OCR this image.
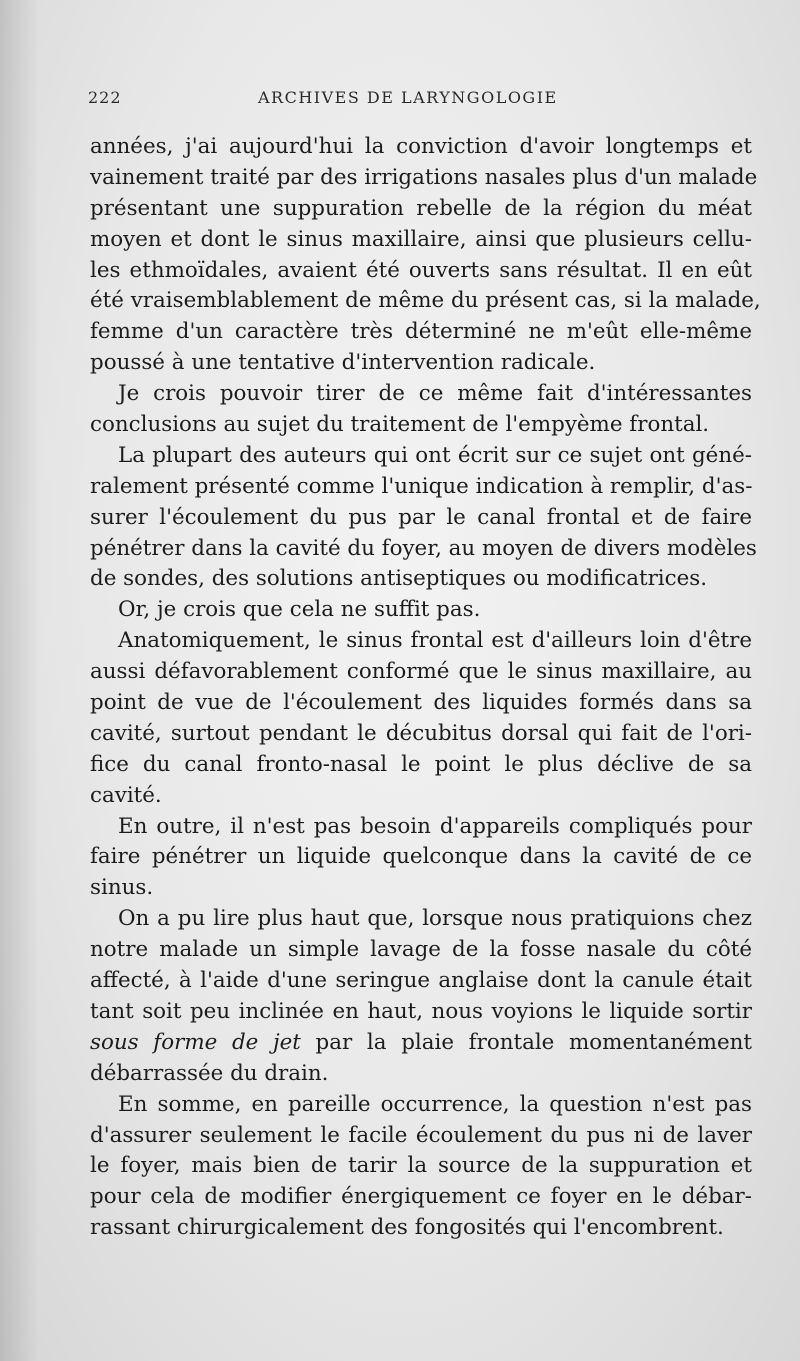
222	ARCHIVES DE LARYNGOLOGIE
années, j'ai aujourd'hui la conviction d'avoir longtemps et
vainement traité par des irrigations nasales plus d'un malade
présentant une suppuration rebelle de la région du méat
moyen et dont le sinus maxillaire, ainsi que plusieurs cellu-
les ethmoïdales, avaient été ouverts sans résultat. Il en eût
été vraisemblablement de même du présent cas, si la malade,
femme d'un caractère très déterminé ne m'eût elle-même
poussé à une tentative d'intervention radicale.
Je crois pouvoir tirer de ce même fait d'intéressantes
conclusions au sujet du traitement de l'empyème frontal.
La plupart des auteurs qui ont écrit sur ce sujet ont géné-
ralement présenté comme l'unique indication à remplir, d'as-
surer l'écoulement du pus par le canal frontal et de faire
pénétrer dans la cavité du foyer, au moyen de divers modèles
de sondes, des solutions antiseptiques ou modificatrices.
Or, je crois que cela ne suffit pas.
Anatomiquement, le sinus frontal est d'ailleurs loin d'être
aussi défavorablement conformé que le sinus maxillaire, au
point de vue de l'écoulement des liquides formés dans sa
cavité, surtout pendant le décubitus dorsal qui fait de l'ori-
fice du canal fronto-nasal le point le plus déclive de sa
cavité.
En outre, il n'est pas besoin d'appareils compliqués pour
faire pénétrer un liquide quelconque dans la cavité de ce
sinus.
On a pu lire plus haut que, lorsque nous pratiquions chez
notre malade un simple lavage de la fosse nasale du côté
affecté, à l'aide d'une seringue anglaise dont la canule était
tant soit peu inclinée en haut, nous voyions le liquide sortir
sous forme de jet par la plaie frontale momentanément
débarrassée du drain.
En somme, en pareille occurrence, la question n'est pas
d'assurer seulement le facile écoulement du pus ni de laver
le foyer, mais bien de tarir la source de la suppuration et
pour cela de modifier énergiquement ce foyer en le débar-
rassant chirurgicalement des fongosités qui l'encombrent.
